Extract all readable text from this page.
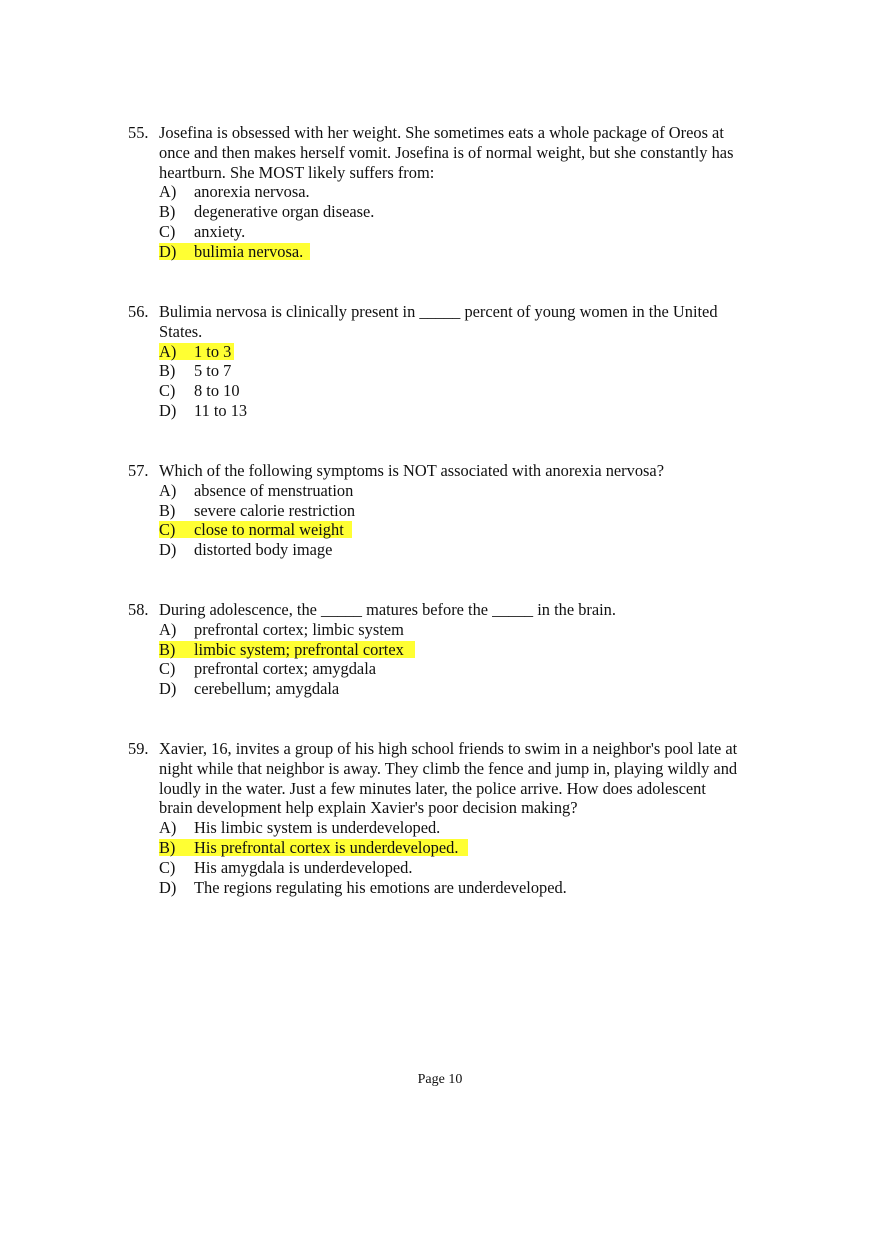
55. Josefina is obsessed with her weight. She sometimes eats a whole package of Oreos at
once and then makes herself vomit. Josefina is of normal weight, but she constantly has
heartburn. She MOST likely suffers from:
A) anorexia nervosa.
B) degenerative organ disease.
C) anxiety.
D) bulimia nervosa.
56. Bulimia nervosa is clinically present in _____ percent of young women in the United
States.
A) 1 to 3
B) 5 to 7
C) 8 to 10
D) 11 to 13
57. Which of the following symptoms is NOT associated with anorexia nervosa?
A) absence of menstruation
B) severe calorie restriction
C) close to normal weight
D) distorted body image
58. During adolescence, the _____ matures before the _____ in the brain.
A) prefrontal cortex; limbic system
B) limbic system; prefrontal cortex
C) prefrontal cortex; amygdala
D) cerebellum; amygdala
59. Xavier, 16, invites a group of his high school friends to swim in a neighbor's pool late at
night while that neighbor is away. They climb the fence and jump in, playing wildly and
loudly in the water. Just a few minutes later, the police arrive. How does adolescent
brain development help explain Xavier's poor decision making?
A) His limbic system is underdeveloped.
B) His prefrontal cortex is underdeveloped.
C) His amygdala is underdeveloped.
D) The regions regulating his emotions are underdeveloped.
Page 10
